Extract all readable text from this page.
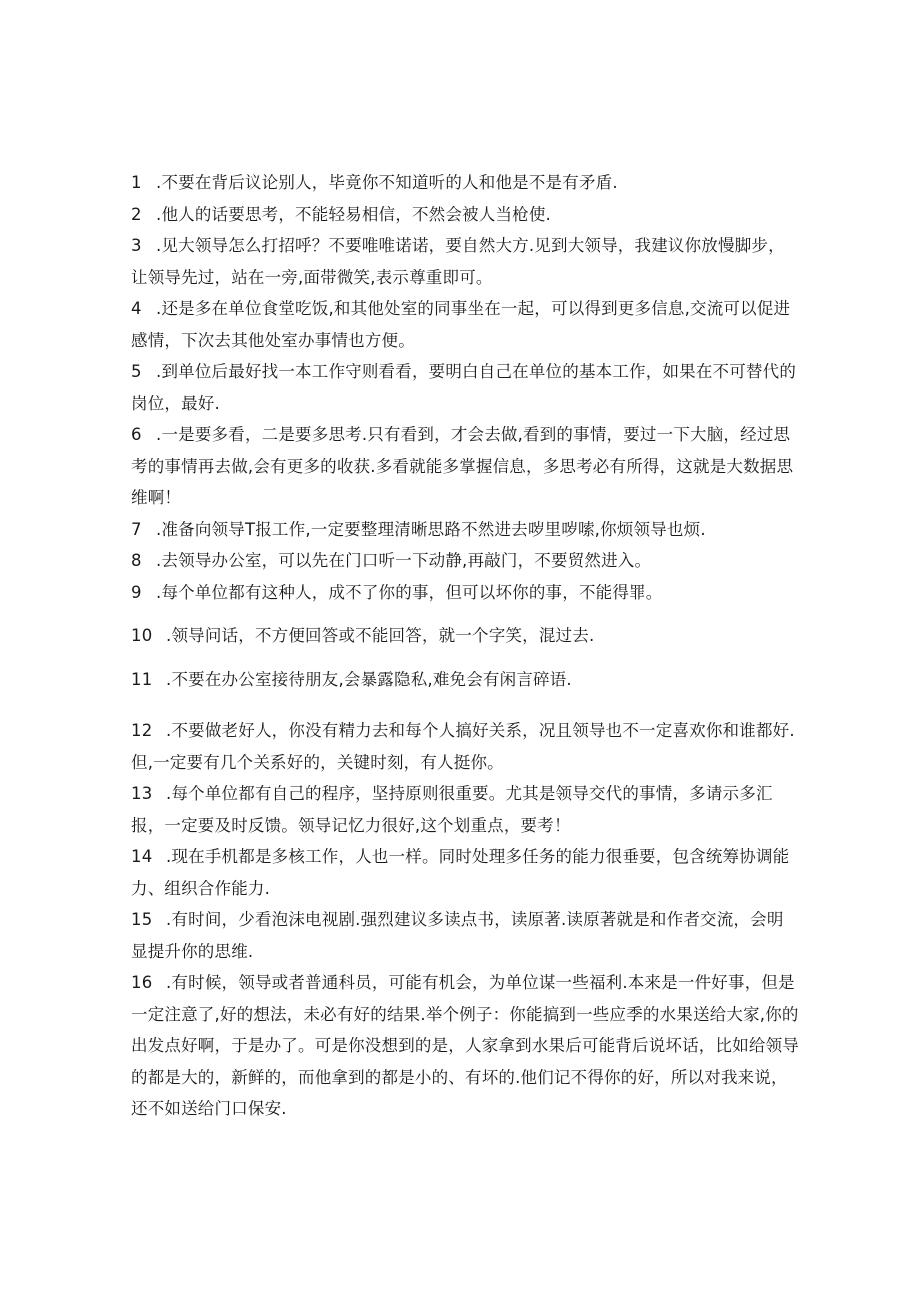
1 .不要在背后议论别人，毕竟你不知道听的人和他是不是有矛盾.

2 .他人的话要思考，不能轻易相信，不然会被人当枪使.

3 .见大领导怎么打招呼？不要唯唯诺诺，要自然大方.见到大领导，我建议你放慢脚步，让领导先过，站在一旁,面带微笑,表示尊重即可。

4 .还是多在单位食堂吃饭,和其他处室的同事坐在一起，可以得到更多信息,交流可以促进感情，下次去其他处室办事情也方便。

5 .到单位后最好找一本工作守则看看，要明白自己在单位的基本工作，如果在不可替代的岗位，最好.

6 .一是要多看，二是要多思考.只有看到，才会去做,看到的事情，要过一下大脑，经过思考的事情再去做,会有更多的收获.多看就能多掌握信息，多思考必有所得，这就是大数据思维啊！

7 .准备向领导T报工作,一定要整理清晰思路不然进去哕里哕嗦,你烦领导也烦.

8 .去领导办公室，可以先在门口听一下动静,再敲门，不要贸然进入。

9 .每个单位都有这种人，成不了你的事，但可以坏你的事，不能得罪。

10 .领导问话，不方便回答或不能回答，就一个字笑，混过去.

11 .不要在办公室接待朋友,会暴露隐私,难免会有闲言碎语.

12 .不要做老好人，你没有精力去和每个人搞好关系，况且领导也不一定喜欢你和谁都好.但,一定要有几个关系好的，关键时刻，有人挺你。

13 .每个单位都有自己的程序，坚持原则很重要。尤其是领导交代的事情，多请示多汇报，一定要及时反馈。领导记忆力很好,这个划重点，要考！

14 .现在手机都是多核工作，人也一样。同时处理多任务的能力很垂要，包含统筹协调能力、组织合作能力.

15 .有时间，少看泡沫电视剧.强烈建议多读点书，读原著.读原著就是和作者交流，会明显提升你的思维.

16 .有时候，领导或者普通科员，可能有机会，为单位谋一些福利.本来是一件好事，但是一定注意了,好的想法，未必有好的结果.举个例子：你能搞到一些应季的水果送给大家,你的出发点好啊，于是办了。可是你没想到的是，人家拿到水果后可能背后说坏话，比如给领导的都是大的，新鲜的，而他拿到的都是小的、有坏的.他们记不得你的好，所以对我来说，还不如送给门口保安.
